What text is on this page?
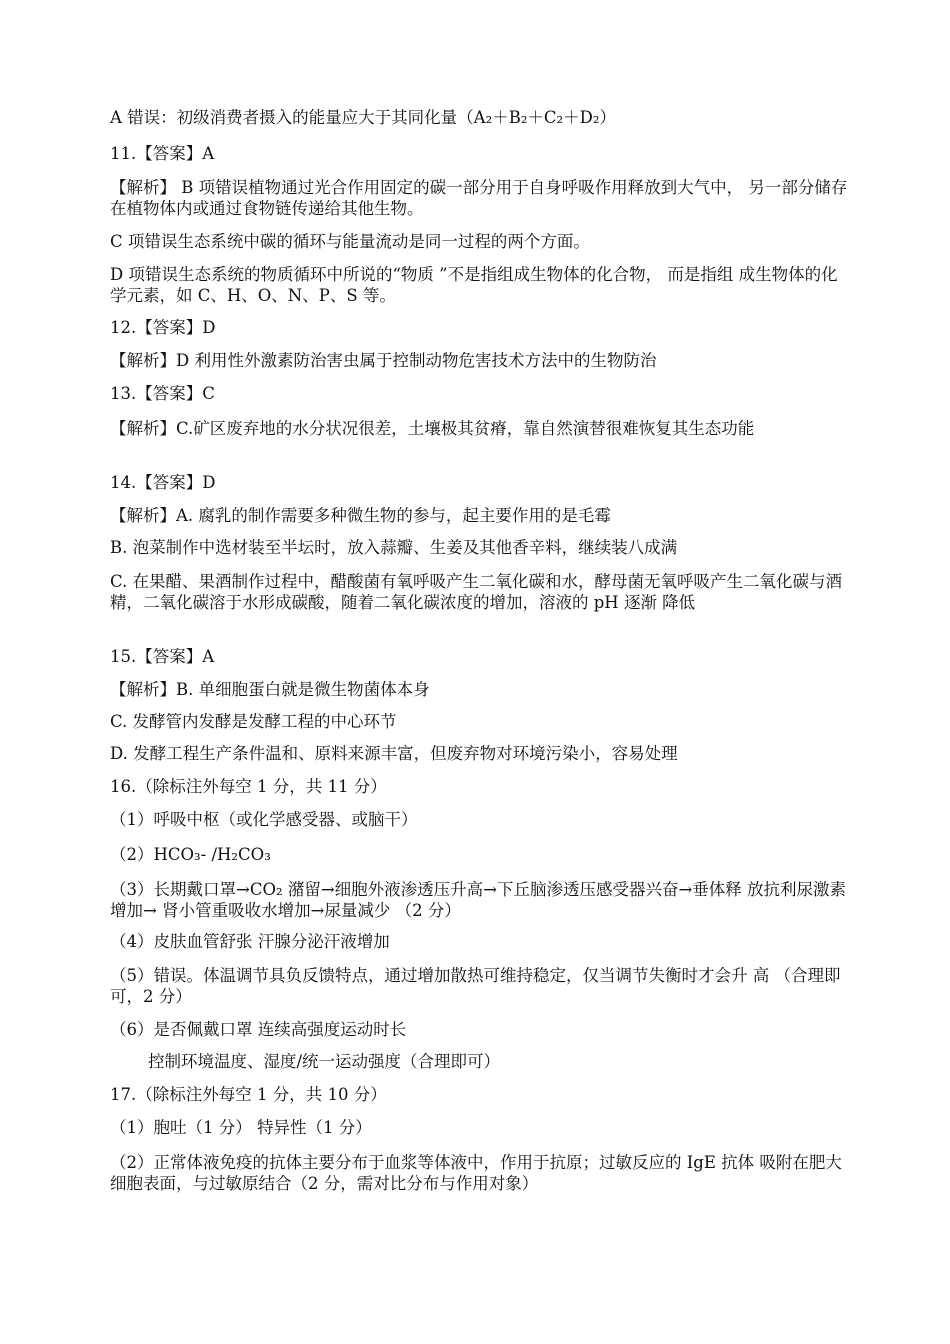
A 错误：初级消费者摄入的能量应大于其同化量（A₂＋B₂＋C₂＋D₂）
11.【答案】A
【解析】 B 项错误植物通过光合作用固定的碳一部分用于自身呼吸作用释放到大气中， 另一部分储存在植物体内或通过食物链传递给其他生物。
C 项错误生态系统中碳的循环与能量流动是同一过程的两个方面。
D 项错误生态系统的物质循环中所说的“物质 ”不是指组成生物体的化合物， 而是指组 成生物体的化学元素，如 C、H、O、N、P、S 等。
12.【答案】D
【解析】D 利用性外激素防治害虫属于控制动物危害技术方法中的生物防治
13.【答案】C
【解析】C.矿区废弃地的水分状况很差，土壤极其贫瘠，靠自然演替很难恢复其生态功能
14.【答案】D
【解析】A. 腐乳的制作需要多种微生物的参与，起主要作用的是毛霉
B. 泡菜制作中选材装至半坛时，放入蒜瓣、生姜及其他香辛料，继续装八成满
C. 在果醋、果酒制作过程中，醋酸菌有氧呼吸产生二氧化碳和水，酵母菌无氧呼吸产生二氧化碳与酒精，二氧化碳溶于水形成碳酸，随着二氧化碳浓度的增加，溶液的 pH 逐渐 降低
15.【答案】A
【解析】B. 单细胞蛋白就是微生物菌体本身
C. 发酵管内发酵是发酵工程的中心环节
D. 发酵工程生产条件温和、原料来源丰富，但废弃物对环境污染小，容易处理
16.（除标注外每空 1 分，共 11 分）
（1）呼吸中枢（或化学感受器、或脑干）
（2）HCO₃- /H₂CO₃
（3）长期戴口罩→CO₂ 潴留→细胞外液渗透压升高→下丘脑渗透压感受器兴奋→垂体释 放抗利尿激素增加→ 肾小管重吸收水增加→尿量减少 （2 分）
（4）皮肤血管舒张 汗腺分泌汗液增加
（5）错误。体温调节具负反馈特点，通过增加散热可维持稳定，仅当调节失衡时才会升 高 （合理即可，2 分）
（6）是否佩戴口罩 连续高强度运动时长
控制环境温度、湿度/统一运动强度（合理即可）
17.（除标注外每空 1 分，共 10 分）
（1）胞吐（1 分） 特异性（1 分）
（2）正常体液免疫的抗体主要分布于血浆等体液中，作用于抗原；过敏反应的 IgE 抗体 吸附在肥大细胞表面，与过敏原结合（2 分，需对比分布与作用对象）
